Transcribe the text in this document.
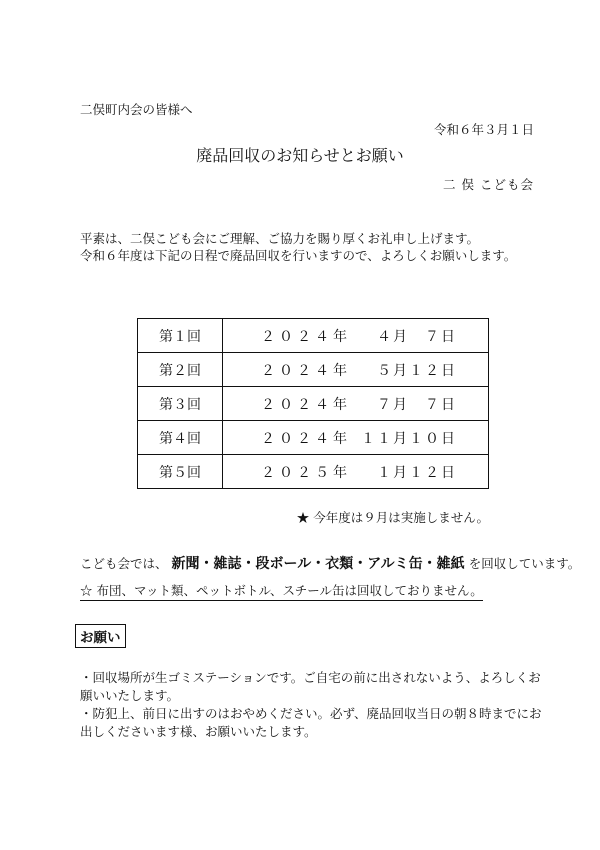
二俣町内会の皆様へ
令和６年３月１日
廃品回収のお知らせとお願い
二 俣 こども会
平素は、二俣こども会にご理解、ご協力を賜り厚くお礼申し上げます。
令和６年度は下記の日程で廃品回収を行いますので、よろしくお願いします。
第１回	２０２４年 ４月　７日
第２回	２０２４年 ５月１２日
第３回	２０２４年 ７月　７日
第４回	２０２４年 １１月１０日
第５回	２０２５年 １月１２日
★ 今年度は９月は実施しません。
こども会では、 新聞・雑誌・段ボール・衣類・アルミ缶・雑紙 を回収しています。
☆ 布団、マット類、ペットボトル、スチール缶は回収しておりません。
お願い

・回収場所が生ゴミステーションです。ご自宅の前に出されないよう、よろしくお願いいたします。

・防犯上、前日に出すのはおやめください。必ず、廃品回収当日の朝８時までにお出しくださいます様、お願いいたします。
